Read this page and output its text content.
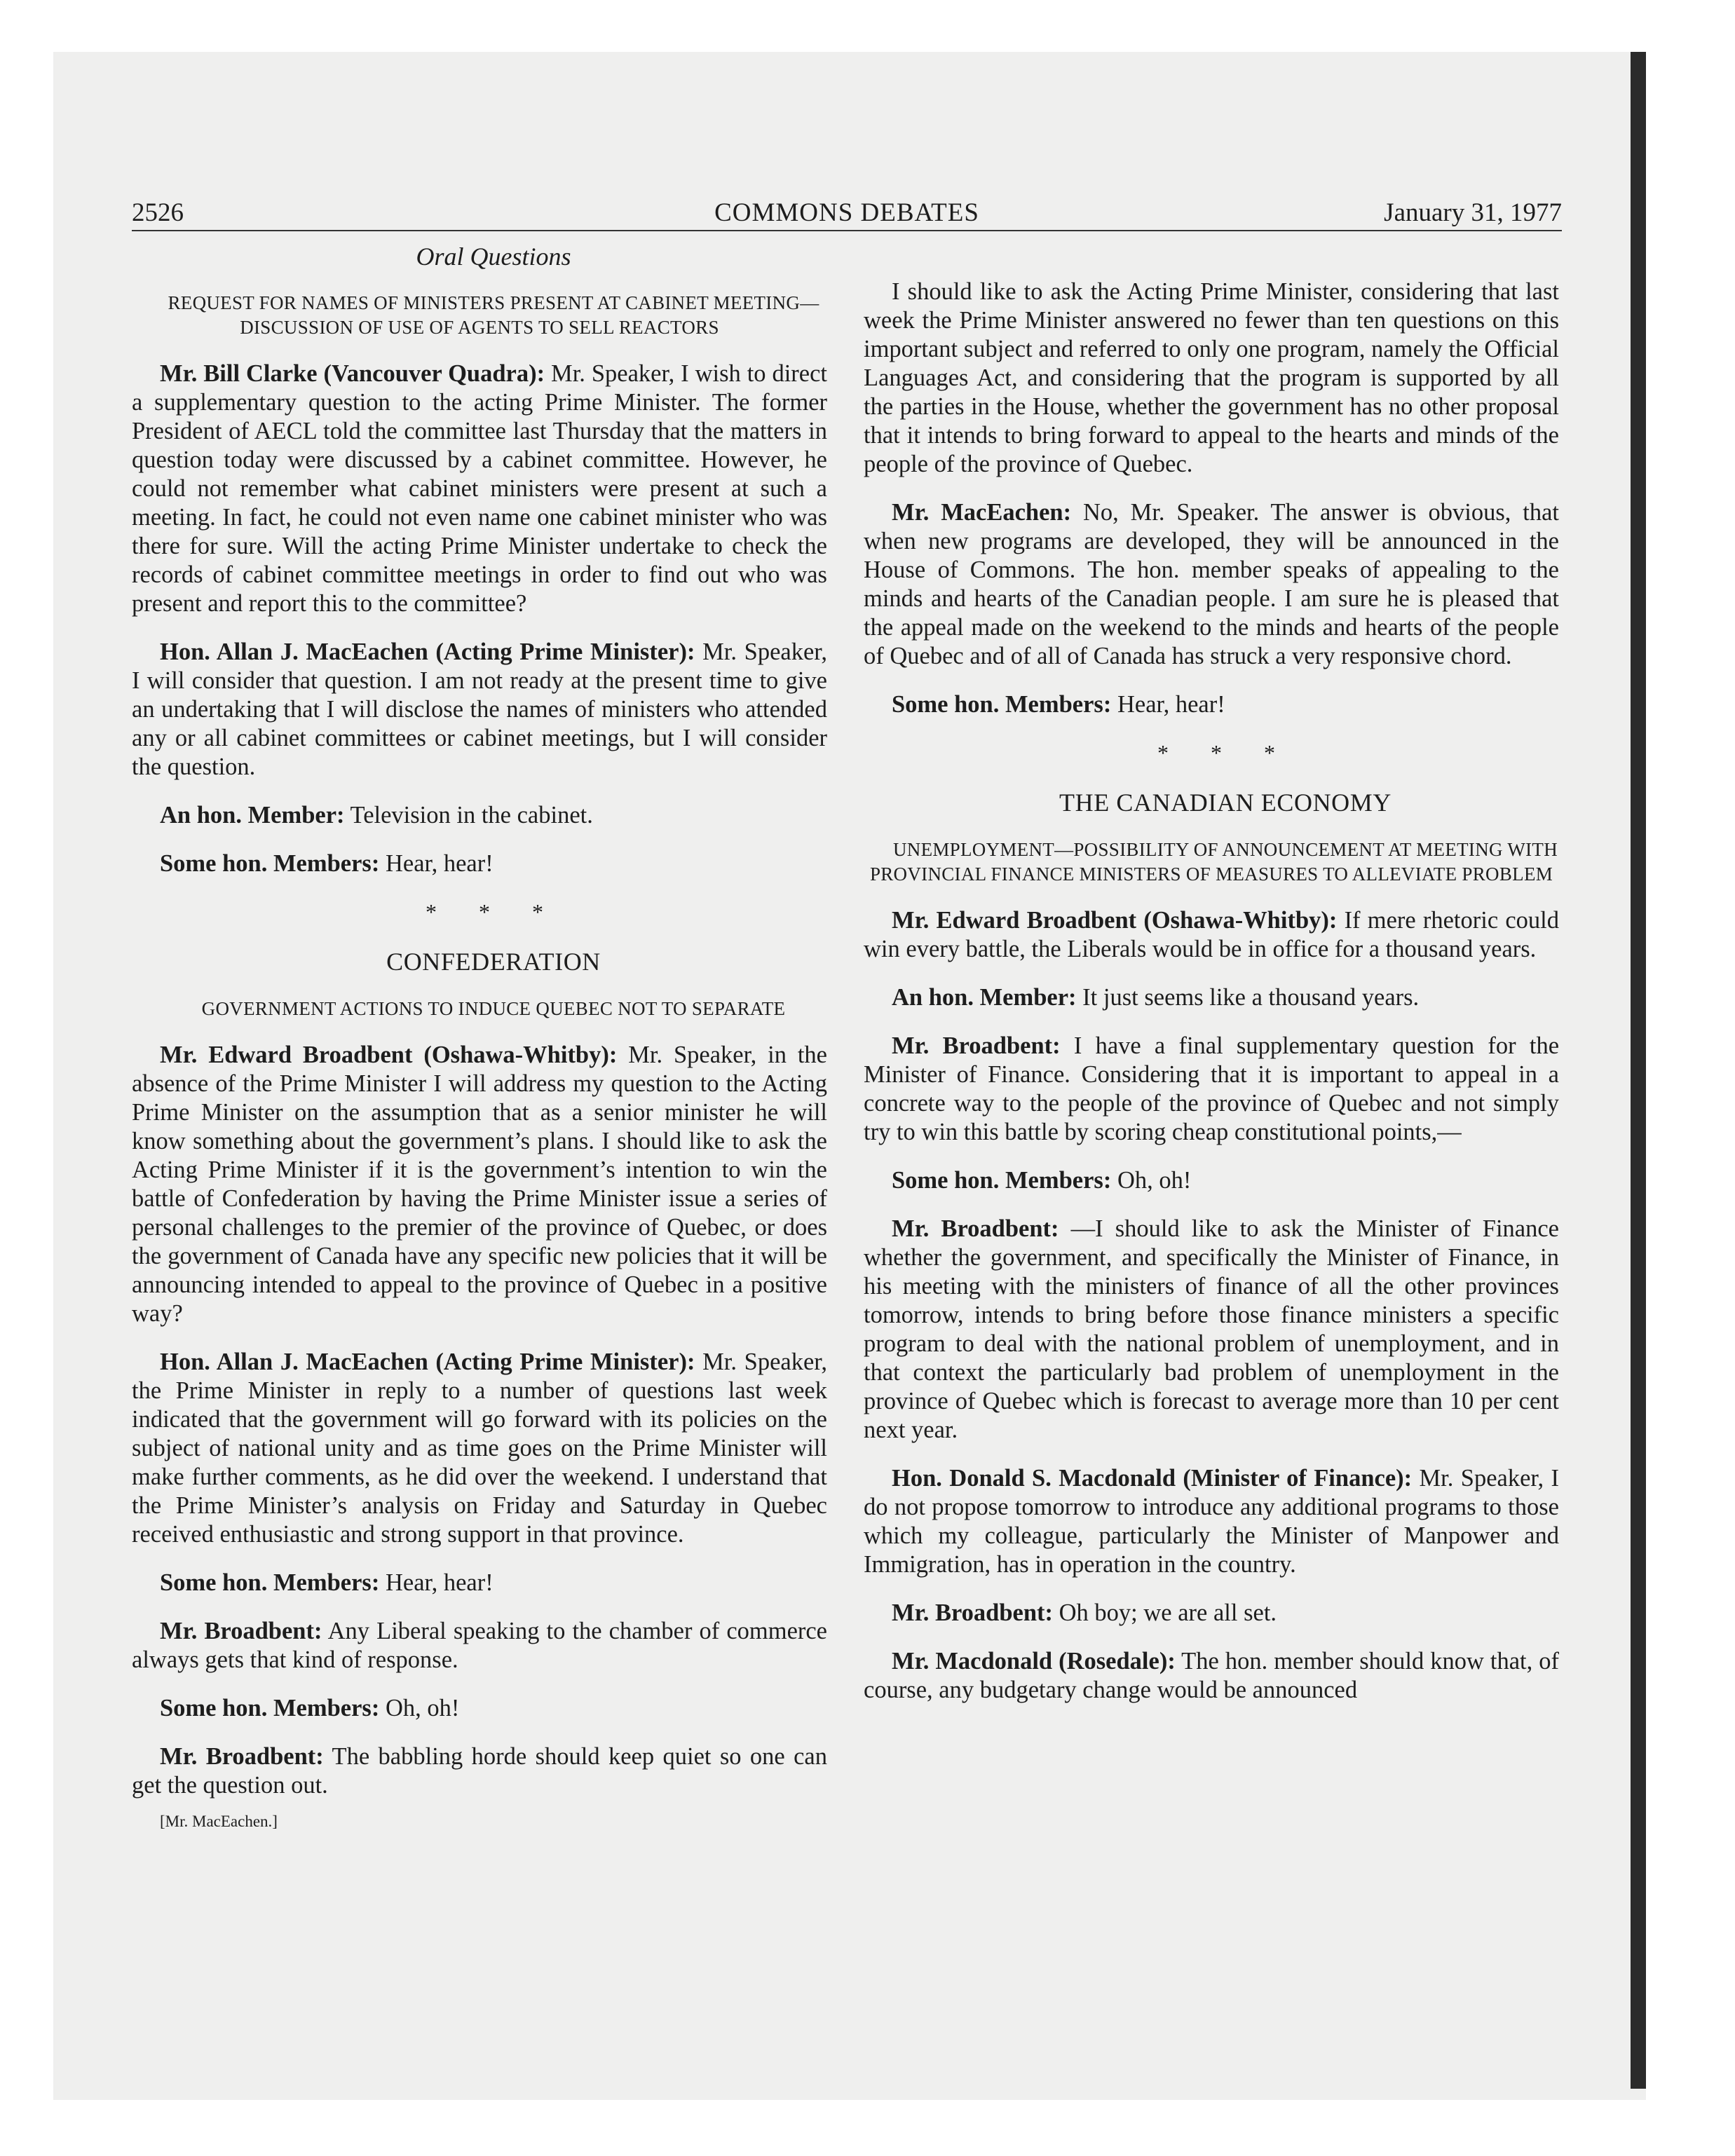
2526	COMMONS DEBATES	January 31, 1977

Oral Questions

REQUEST FOR NAMES OF MINISTERS PRESENT AT CABINET MEETING—DISCUSSION OF USE OF AGENTS TO SELL REACTORS

Mr. Bill Clarke (Vancouver Quadra): Mr. Speaker, I wish to direct a supplementary question to the acting Prime Minister. The former President of AECL told the committee last Thursday that the matters in question today were discussed by a cabinet committee. However, he could not remember what cabinet ministers were present at such a meeting. In fact, he could not even name one cabinet minister who was there for sure. Will the acting Prime Minister undertake to check the records of cabinet committee meetings in order to find out who was present and report this to the committee?

Hon. Allan J. MacEachen (Acting Prime Minister): Mr. Speaker, I will consider that question. I am not ready at the present time to give an undertaking that I will disclose the names of ministers who attended any or all cabinet committees or cabinet meetings, but I will consider the question.

An hon. Member: Television in the cabinet.

Some hon. Members: Hear, hear!

* * *

CONFEDERATION

GOVERNMENT ACTIONS TO INDUCE QUEBEC NOT TO SEPARATE

Mr. Edward Broadbent (Oshawa-Whitby): Mr. Speaker, in the absence of the Prime Minister I will address my question to the Acting Prime Minister on the assumption that as a senior minister he will know something about the government’s plans. I should like to ask the Acting Prime Minister if it is the government’s intention to win the battle of Confederation by having the Prime Minister issue a series of personal challenges to the premier of the province of Quebec, or does the government of Canada have any specific new policies that it will be announcing intended to appeal to the province of Quebec in a positive way?

Hon. Allan J. MacEachen (Acting Prime Minister): Mr. Speaker, the Prime Minister in reply to a number of questions last week indicated that the government will go forward with its policies on the subject of national unity and as time goes on the Prime Minister will make further comments, as he did over the weekend. I understand that the Prime Minister’s analysis on Friday and Saturday in Quebec received enthusiastic and strong support in that province.

Some hon. Members: Hear, hear!

Mr. Broadbent: Any Liberal speaking to the chamber of commerce always gets that kind of response.

Some hon. Members: Oh, oh!

Mr. Broadbent: The babbling horde should keep quiet so one can get the question out.

[Mr. MacEachen.]

I should like to ask the Acting Prime Minister, considering that last week the Prime Minister answered no fewer than ten questions on this important subject and referred to only one program, namely the Official Languages Act, and considering that the program is supported by all the parties in the House, whether the government has no other proposal that it intends to bring forward to appeal to the hearts and minds of the people of the province of Quebec.

Mr. MacEachen: No, Mr. Speaker. The answer is obvious, that when new programs are developed, they will be announced in the House of Commons. The hon. member speaks of appealing to the minds and hearts of the Canadian people. I am sure he is pleased that the appeal made on the weekend to the minds and hearts of the people of Quebec and of all of Canada has struck a very responsive chord.

Some hon. Members: Hear, hear!

* * *

THE CANADIAN ECONOMY

UNEMPLOYMENT—POSSIBILITY OF ANNOUNCEMENT AT MEETING WITH PROVINCIAL FINANCE MINISTERS OF MEASURES TO ALLEVIATE PROBLEM

Mr. Edward Broadbent (Oshawa-Whitby): If mere rhetoric could win every battle, the Liberals would be in office for a thousand years.

An hon. Member: It just seems like a thousand years.

Mr. Broadbent: I have a final supplementary question for the Minister of Finance. Considering that it is important to appeal in a concrete way to the people of the province of Quebec and not simply try to win this battle by scoring cheap constitutional points,—

Some hon. Members: Oh, oh!

Mr. Broadbent: —I should like to ask the Minister of Finance whether the government, and specifically the Minister of Finance, in his meeting with the ministers of finance of all the other provinces tomorrow, intends to bring before those finance ministers a specific program to deal with the national problem of unemployment, and in that context the particularly bad problem of unemployment in the province of Quebec which is forecast to average more than 10 per cent next year.

Hon. Donald S. Macdonald (Minister of Finance): Mr. Speaker, I do not propose tomorrow to introduce any additional programs to those which my colleague, particularly the Minister of Manpower and Immigration, has in operation in the country.

Mr. Broadbent: Oh boy; we are all set.

Mr. Macdonald (Rosedale): The hon. member should know that, of course, any budgetary change would be announced
